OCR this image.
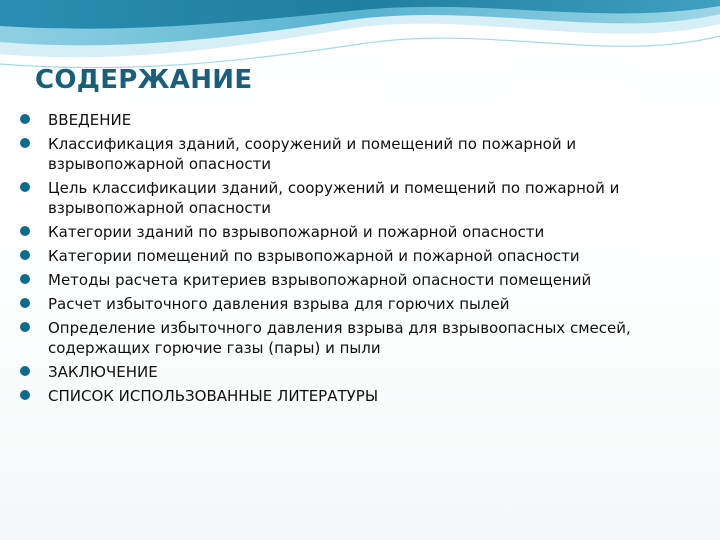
СОДЕРЖАНИЕ
ВВЕДЕНИЕ
Классификация зданий, сооружений и помещений по пожарной и взрывопожарной опасности
Цель классификации зданий, сооружений и помещений по пожарной и взрывопожарной опасности
Категории зданий по взрывопожарной и пожарной опасности
Категории помещений по взрывопожарной и пожарной опасности
Методы расчета критериев взрывопожарной опасности помещений
Расчет избыточного давления взрыва для горючих пылей
Определение избыточного давления взрыва для взрывоопасных смесей, содержащих горючие газы (пары) и пыли
ЗАКЛЮЧЕНИЕ
СПИСОК ИСПОЛЬЗОВАННЫЕ ЛИТЕРАТУРЫ
